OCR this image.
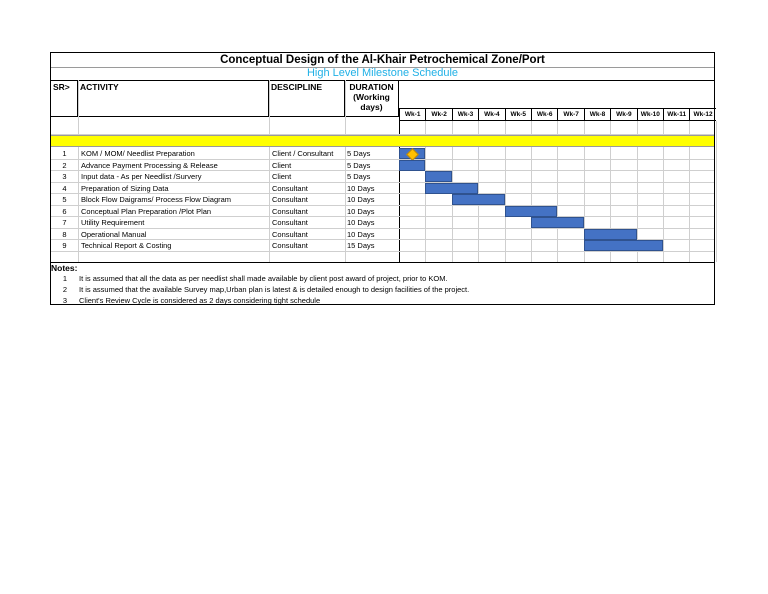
Conceptual Design of the Al-Khair Petrochemical Zone/Port
High Level Milestone Schedule
SR>	ACTIVITY	DESCIPLINE	DURATION
(Working
days)
Wk-1	Wk-2	Wk-3	Wk-4	Wk-5	Wk-6	Wk-7	Wk-8	Wk-9	Wk-10	Wk-11	Wk-12
1	KOM / MOM/ Needlist Preparation	Client / Consultant	5 Days
2	Advance Payment Processing & Release	Client	5 Days
3	Input data - As per Needlist /Survery	Client	5 Days
4	Preparation of Sizing Data	Consultant	10 Days
5	Block Flow Daigrams/ Process Flow Diagram	Consultant	10 Days
6	Conceptual Plan Preparation /Plot Plan	Consultant	10 Days
7	Utility Requirement	Consultant	10 Days
8	Operational Manual	Consultant	10 Days
9	Technical Report & Costing	Consultant	15 Days
Notes:
1	It is assumed that all the data as per needlist shall made available by client post award of project, prior to KOM.
2	It is assumed that the available Survey map,Urban plan is latest & is detailed enough to design facilities of the project.
3	Client's Review Cycle is considered as 2 days considering tight schedule
